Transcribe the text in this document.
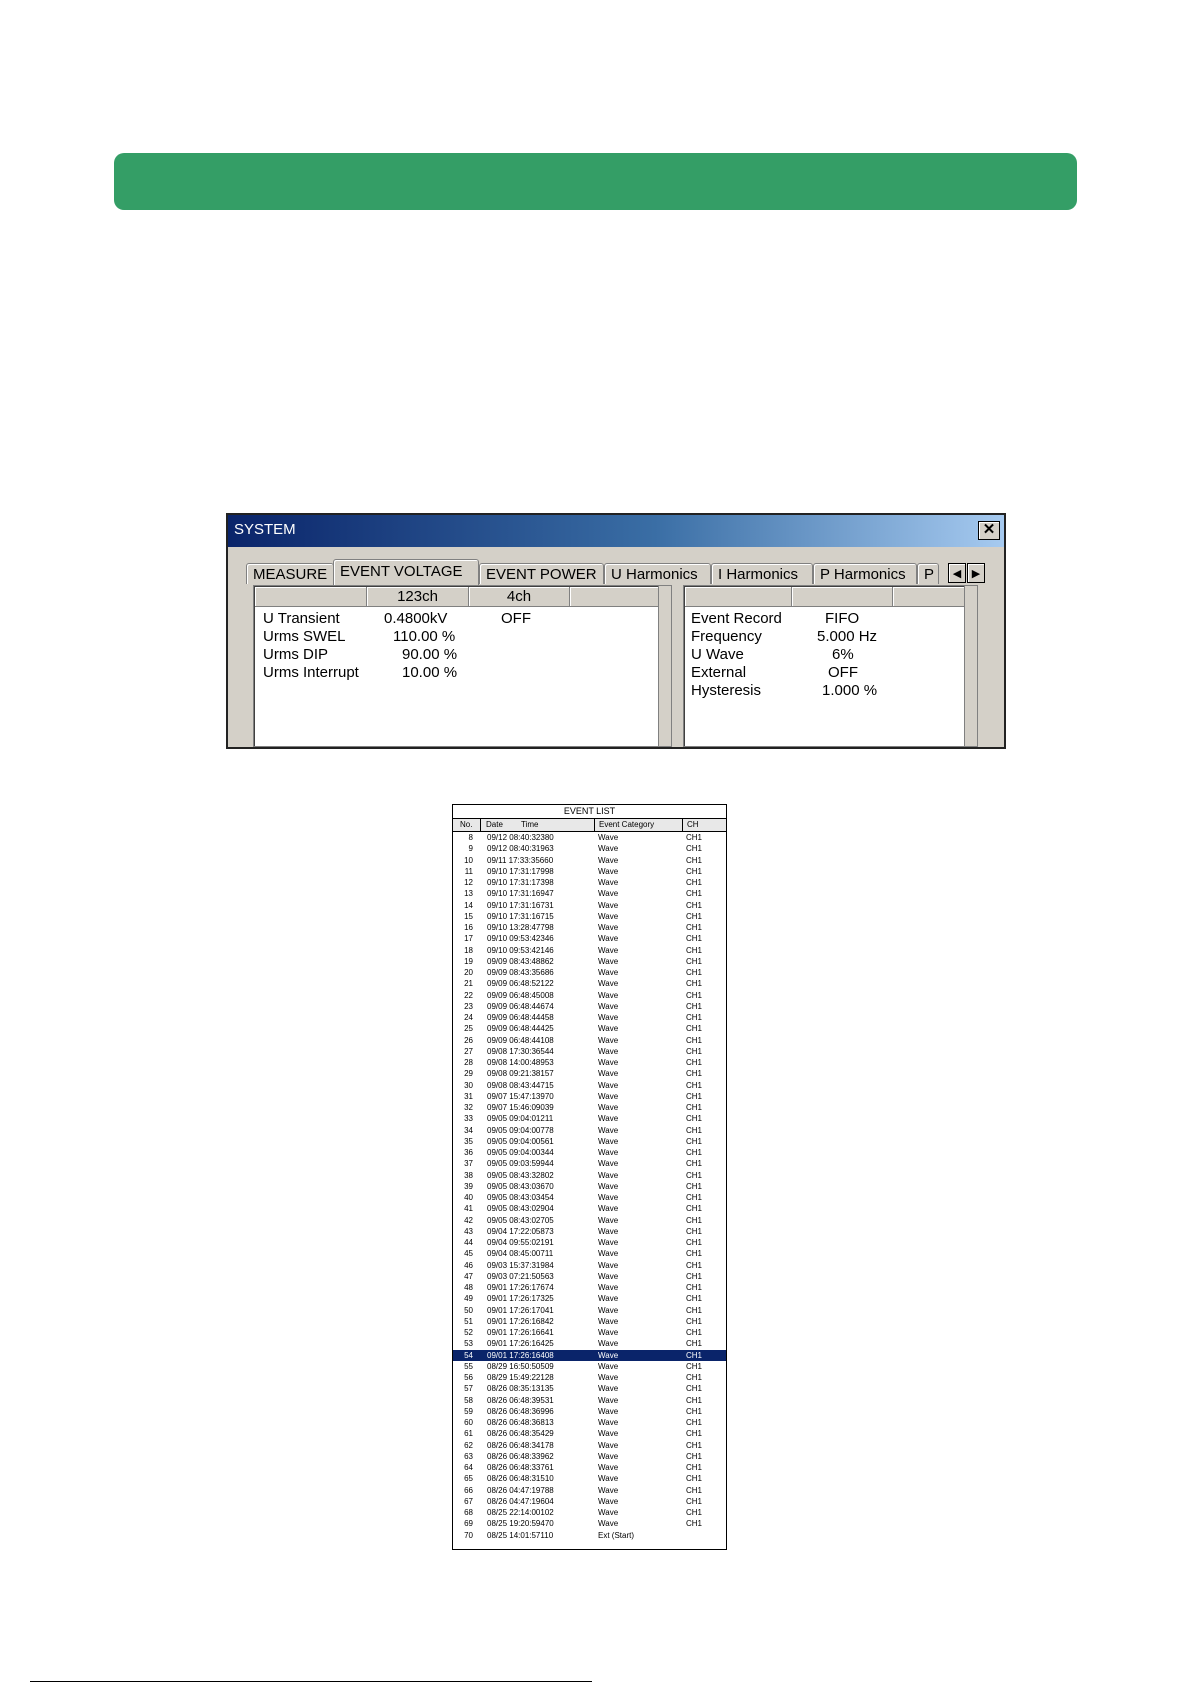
SYSTEM	✕
MEASURE EVENT VOLTAGE	EVENT POWER U Harmonics	I Harmonics	P Harmonics	P	◀ ▶
123ch	4ch
U Transient	0.4800kV	OFF
Urms SWEL	110.00 %
Urms DIP	90.00 %
Urms Interrupt	10.00 %
Event Record	FIFO
Frequency	5.000 Hz
U Wave	6%
External	OFF
Hysteresis	1.000 %
EVENT LIST
No. Date Time	Event Category	CH
8 09/12 08:40:32380	Wave	CH1
9 09/12 08:40:31963	Wave	CH1
10 09/11 17:33:35660	Wave	CH1
11 09/10 17:31:17998	Wave	CH1
12 09/10 17:31:17398	Wave	CH1
13 09/10 17:31:16947	Wave	CH1
14 09/10 17:31:16731	Wave	CH1
15 09/10 17:31:16715	Wave	CH1
16 09/10 13:28:47798	Wave	CH1
17 09/10 09:53:42346	Wave	CH1
18 09/10 09:53:42146	Wave	CH1
19 09/09 08:43:48862	Wave	CH1
20 09/09 08:43:35686	Wave	CH1
21 09/09 06:48:52122	Wave	CH1
22 09/09 06:48:45008	Wave	CH1
23 09/09 06:48:44674	Wave	CH1
24 09/09 06:48:44458	Wave	CH1
25 09/09 06:48:44425	Wave	CH1
26 09/09 06:48:44108	Wave	CH1
27 09/08 17:30:36544	Wave	CH1
28 09/08 14:00:48953	Wave	CH1
29 09/08 09:21:38157	Wave	CH1
30 09/08 08:43:44715	Wave	CH1
31 09/07 15:47:13970	Wave	CH1
32 09/07 15:46:09039	Wave	CH1
33 09/05 09:04:01211	Wave	CH1
34 09/05 09:04:00778	Wave	CH1
35 09/05 09:04:00561	Wave	CH1
36 09/05 09:04:00344	Wave	CH1
37 09/05 09:03:59944	Wave	CH1
38 09/05 08:43:32802	Wave	CH1
39 09/05 08:43:03670	Wave	CH1
40 09/05 08:43:03454	Wave	CH1
41 09/05 08:43:02904	Wave	CH1
42 09/05 08:43:02705	Wave	CH1
43 09/04 17:22:05873	Wave	CH1
44 09/04 09:55:02191	Wave	CH1
45 09/04 08:45:00711	Wave	CH1
46 09/03 15:37:31984	Wave	CH1
47 09/03 07:21:50563	Wave	CH1
48 09/01 17:26:17674	Wave	CH1
49 09/01 17:26:17325	Wave	CH1
50 09/01 17:26:17041	Wave	CH1
51 09/01 17:26:16842	Wave	CH1
52 09/01 17:26:16641	Wave	CH1
53 09/01 17:26:16425	Wave	CH1
54 09/01 17:26:16408	Wave	CH1
55 08/29 16:50:50509	Wave	CH1
56 08/29 15:49:22128	Wave	CH1
57 08/26 08:35:13135	Wave	CH1
58 08/26 06:48:39531	Wave	CH1
59 08/26 06:48:36996	Wave	CH1
60 08/26 06:48:36813	Wave	CH1
61 08/26 06:48:35429	Wave	CH1
62 08/26 06:48:34178	Wave	CH1
63 08/26 06:48:33962	Wave	CH1
64 08/26 06:48:33761	Wave	CH1
65 08/26 06:48:31510	Wave	CH1
66 08/26 04:47:19788	Wave	CH1
67 08/26 04:47:19604	Wave	CH1
68 08/25 22:14:00102	Wave	CH1
69 08/25 19:20:59470	Wave	CH1
70 08/25 14:01:57110	Ext (Start)
